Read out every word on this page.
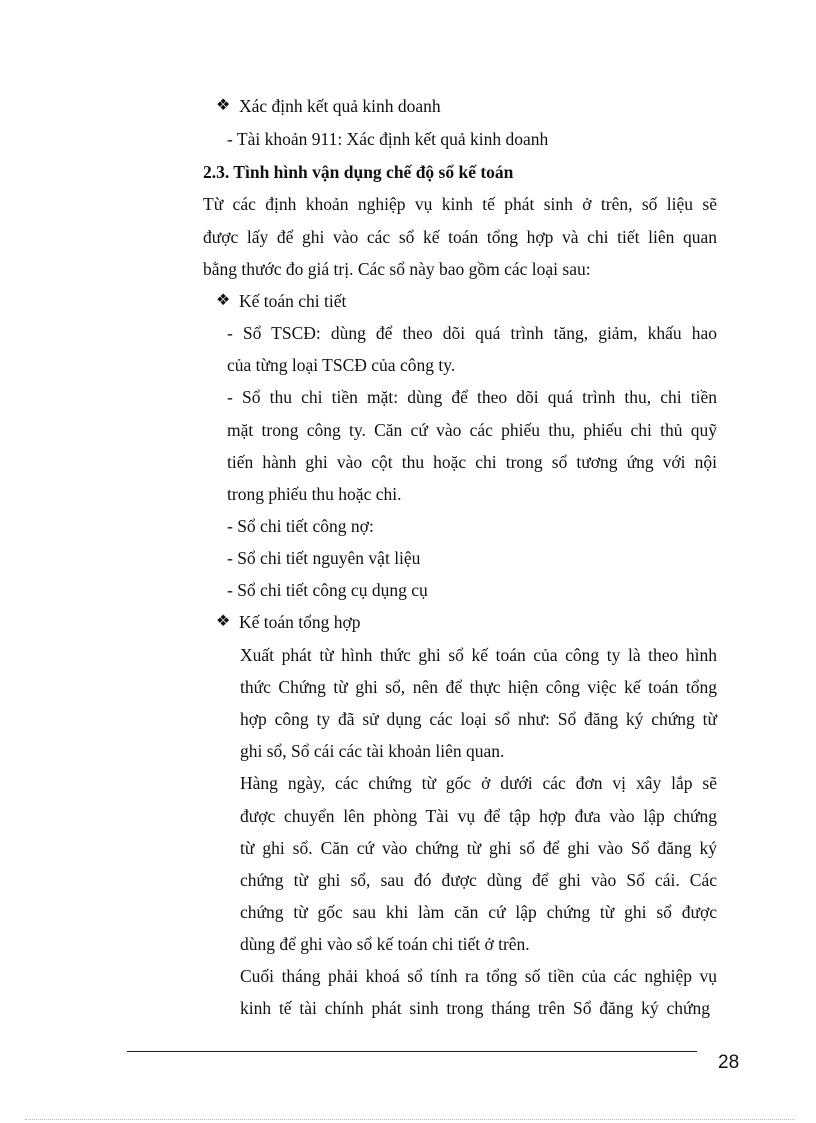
❖ Xác định kết quả kinh doanh
- Tài khoản 911: Xác định kết quả kinh doanh
2.3. Tình hình vận dụng chế độ sổ kế toán
Từ các định khoản nghiệp vụ kinh tế phát sinh ở trên, số liệu sẽ
được lấy để ghi vào các sổ kế toán tổng hợp và chi tiết liên quan
bằng thước đo giá trị. Các sổ này bao gồm các loại sau:
❖ Kế toán chi tiết
- Sổ TSCĐ: dùng để theo dõi quá trình tăng, giảm, khấu hao
của từng loại TSCĐ của công ty.
- Sổ thu chi tiền mặt: dùng để theo dõi quá trình thu, chi tiền
mặt trong công ty. Căn cứ vào các phiếu thu, phiếu chi thủ quỹ
tiến hành ghi vào cột thu hoặc chi trong sổ tương ứng với nội
trong phiếu thu hoặc chi.
- Sổ chi tiết công nợ:
- Sổ chi tiết nguyên vật liệu
- Sổ chi tiết công cụ dụng cụ
❖ Kế toán tổng hợp
Xuất phát từ hình thức ghi sổ kế toán của công ty là theo hình
thức Chứng từ ghi sổ, nên để thực hiện công việc kế toán tổng
hợp công ty đã sử dụng các loại sổ như: Sổ đăng ký chứng từ
ghi sổ, Sổ cái các tài khoản liên quan.
Hàng ngày, các chứng từ gốc ở dưới các đơn vị xây lắp sẽ
được chuyển lên phòng Tài vụ để tập hợp đưa vào lập chứng
từ ghi sổ. Căn cứ vào chứng từ ghi sổ để ghi vào Sổ đăng ký
chứng từ ghi sổ, sau đó được dùng để ghi vào Sổ cái. Các
chứng từ gốc sau khi làm căn cứ lập chứng từ ghi sổ được
dùng để ghi vào sổ kế toán chi tiết ở trên.
Cuối tháng phải khoá sổ tính ra tổng số tiền của các nghiệp vụ
kinh tế tài chính phát sinh trong tháng trên Sổ đăng ký chứng
28
